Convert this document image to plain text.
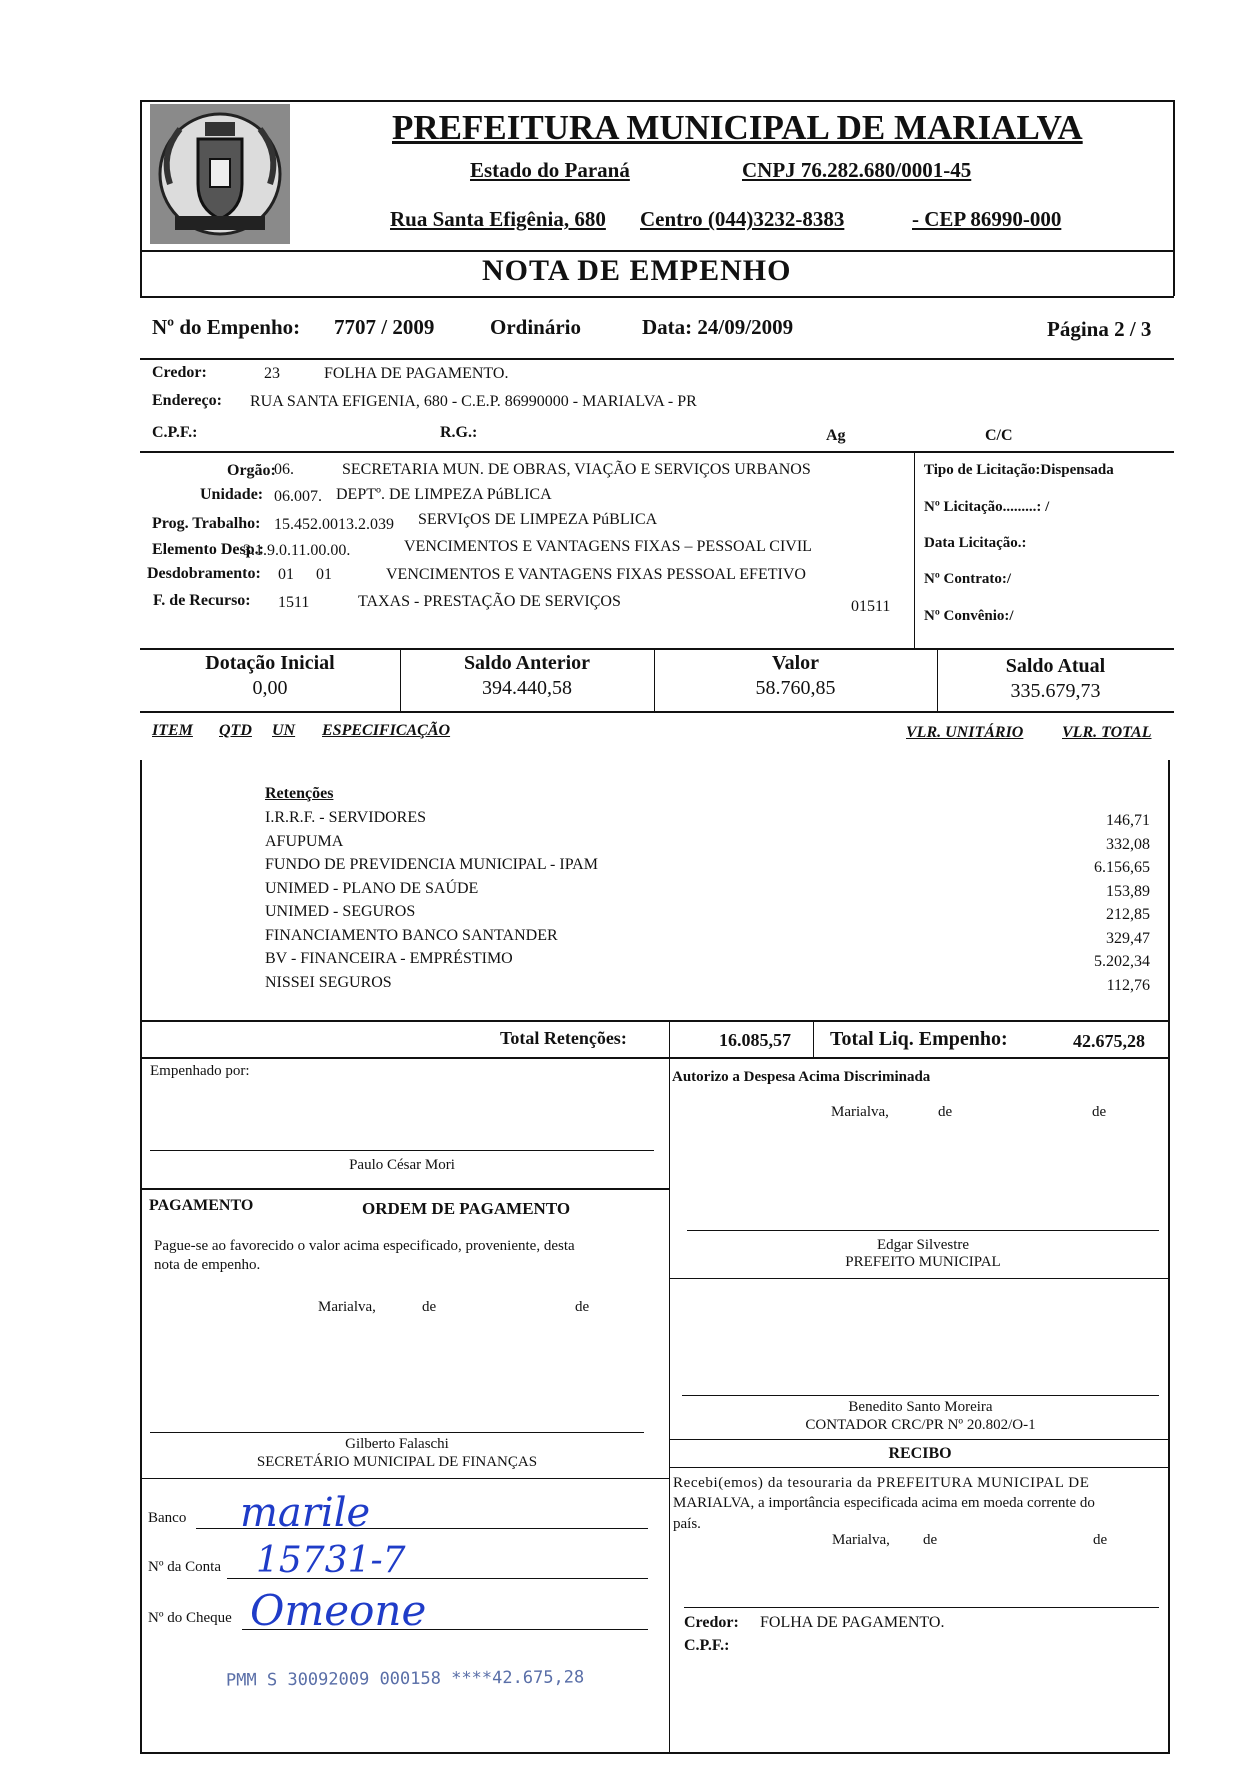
PREFEITURA MUNICIPAL DE MARIALVA
Estado do Paraná	CNPJ 76.282.680/0001-45
Rua Santa Efigênia, 680 Centro (044)3232-8383	- CEP 86990-000
NOTA DE EMPENHO
Nº do Empenho: 7707 / 2009	Ordinário	Data: 24/09/2009	Página 2 / 3
Credor:	23	FOLHA DE PAGAMENTO.
Endereço: RUA SANTA EFIGENIA, 680 - C.E.P. 86990000 - MARIALVA - PR
C.P.F.:	R.G.:	Ag	C/C
Orgão:
06.	SECRETARIA MUN. DE OBRAS, VIAÇÃO E SERVIÇOS URBANOS
Unidade: 06.007. DEPTº. DE LIMPEZA PúBLICA
Prog. Trabalho: 15.452.0013.2.039 SERVIçOS DE LIMPEZA PúBLICA
Elemento Desp.:
3.1.9.0.11.00.00.	VENCIMENTOS E VANTAGENS FIXAS – PESSOAL CIVIL
Desdobramento: 01 01	VENCIMENTOS E VANTAGENS FIXAS PESSOAL EFETIVO
F. de Recurso: 1511	TAXAS - PRESTAÇÃO DE SERVIÇOS	01511
Tipo de Licitação:Dispensada
Nº Licitação.........: /
Data Licitação.:
Nº Contrato:/
Nº Convênio:/
Dotação Inicial
0,00
Saldo Anterior
394.440,58
Valor
58.760,85
Saldo Atual
335.679,73
ITEM QTD UN ESPECIFICAÇÃO	VLR. UNITÁRIO VLR. TOTAL
Retenções
I.R.R.F. - SERVIDORES	146,71
AFUPUMA	332,08
FUNDO DE PREVIDENCIA MUNICIPAL - IPAM	6.156,65
UNIMED - PLANO DE SAÚDE	153,89
UNIMED - SEGUROS	212,85
FINANCIAMENTO BANCO SANTANDER	329,47
BV - FINANCEIRA - EMPRÉSTIMO	5.202,34
NISSEI SEGUROS	112,76
Total Retenções:	16.085,57 Total Liq. Empenho:	42.675,28
Empenhado por:
Paulo César Mori
Autorizo a Despesa Acima Discriminada
Marialva,	de	de
PAGAMENTO	ORDEM DE PAGAMENTO
Pague-se ao favorecido o valor acima especificado, proveniente, desta
nota de empenho.
Marialva,	de	de
Edgar Silvestre
PREFEITO MUNICIPAL
Benedito Santo Moreira
CONTADOR CRC/PR Nº 20.802/O-1
Gilberto Falaschi
SECRETÁRIO MUNICIPAL DE FINANÇAS	RECIBO
Recebi(emos) da tesouraria da PREFEITURA MUNICIPAL DE
MARIALVA, a importância especificada acima em moeda corrente do
país.
Marialva, de	de
Banco marile
Nº da Conta 15731-7
Nº do Cheque Omeone	Credor: FOLHA DE PAGAMENTO.
C.P.F.:
PMM S 30092009 000158 ****42.675,28
